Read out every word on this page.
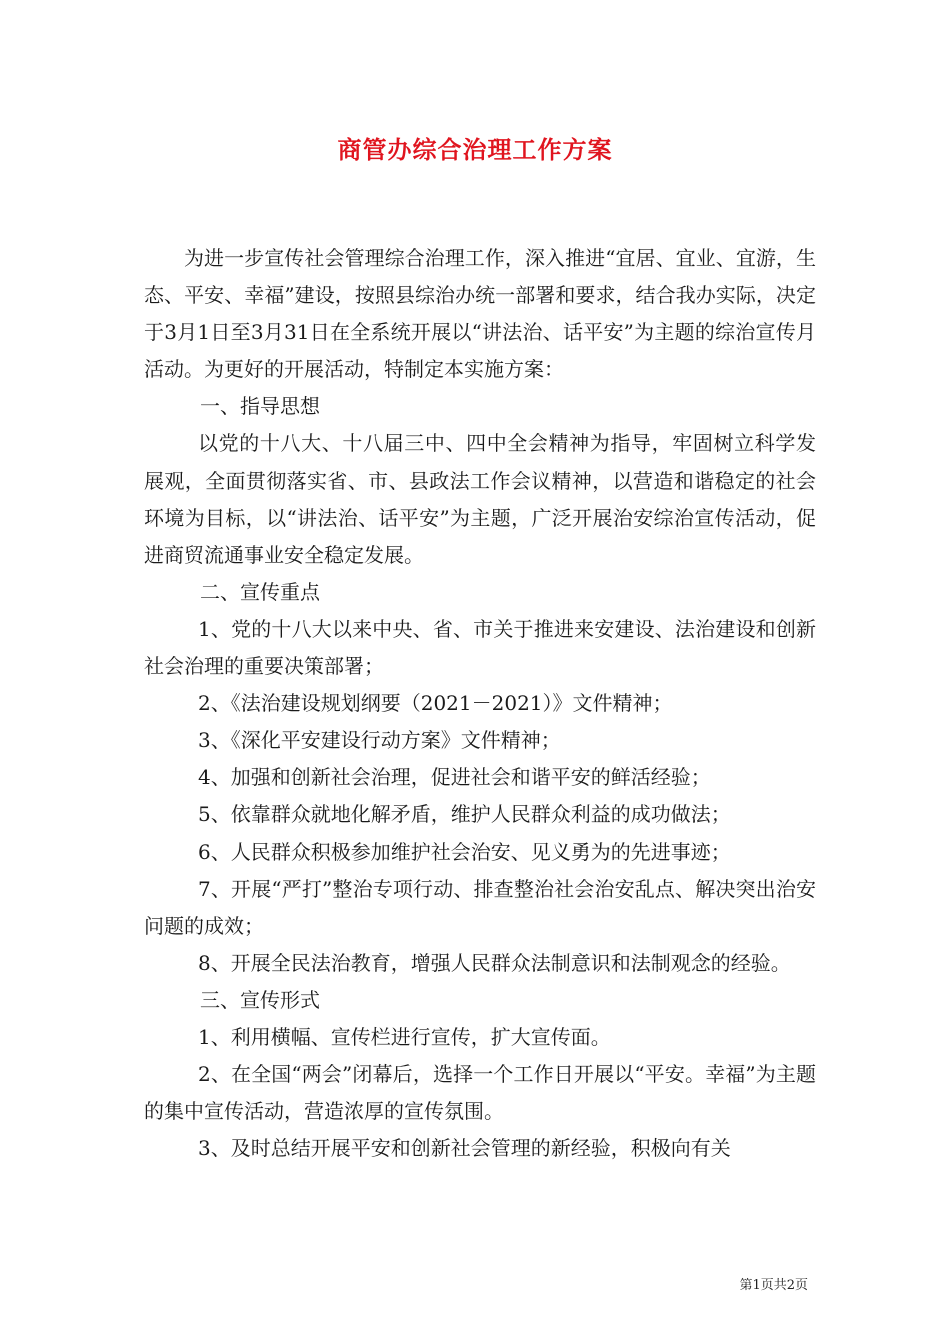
商管办综合治理工作方案

为进一步宣传社会管理综合治理工作，深入推进“宜居、宜业、宜游，生态、平安、幸福”建设，按照县综治办统一部署和要求，结合我办实际，决定于3月1日至3月31日在全系统开展以“讲法治、话平安”为主题的综治宣传月活动。为更好的开展活动，特制定本实施方案：

一、指导思想

以党的十八大、十八届三中、四中全会精神为指导，牢固树立科学发展观，全面贯彻落实省、市、县政法工作会议精神，以营造和谐稳定的社会环境为目标，以“讲法治、话平安”为主题，广泛开展治安综治宣传活动，促进商贸流通事业安全稳定发展。

二、宣传重点

1、党的十八大以来中央、省、市关于推进来安建设、法治建设和创新社会治理的重要决策部署；

2、《法治建设规划纲要（2021－2021）》文件精神；

3、《深化平安建设行动方案》文件精神；

4、加强和创新社会治理，促进社会和谐平安的鲜活经验；

5、依靠群众就地化解矛盾，维护人民群众利益的成功做法；

6、人民群众积极参加维护社会治安、见义勇为的先进事迹；

7、开展“严打”整治专项行动、排查整治社会治安乱点、解决突出治安问题的成效；

8、开展全民法治教育，增强人民群众法制意识和法制观念的经验。

三、宣传形式

1、利用横幅、宣传栏进行宣传，扩大宣传面。

2、在全国“两会”闭幕后，选择一个工作日开展以“平安。幸福”为主题的集中宣传活动，营造浓厚的宣传氛围。

3、及时总结开展平安和创新社会管理的新经验，积极向有关

第1页共2页
